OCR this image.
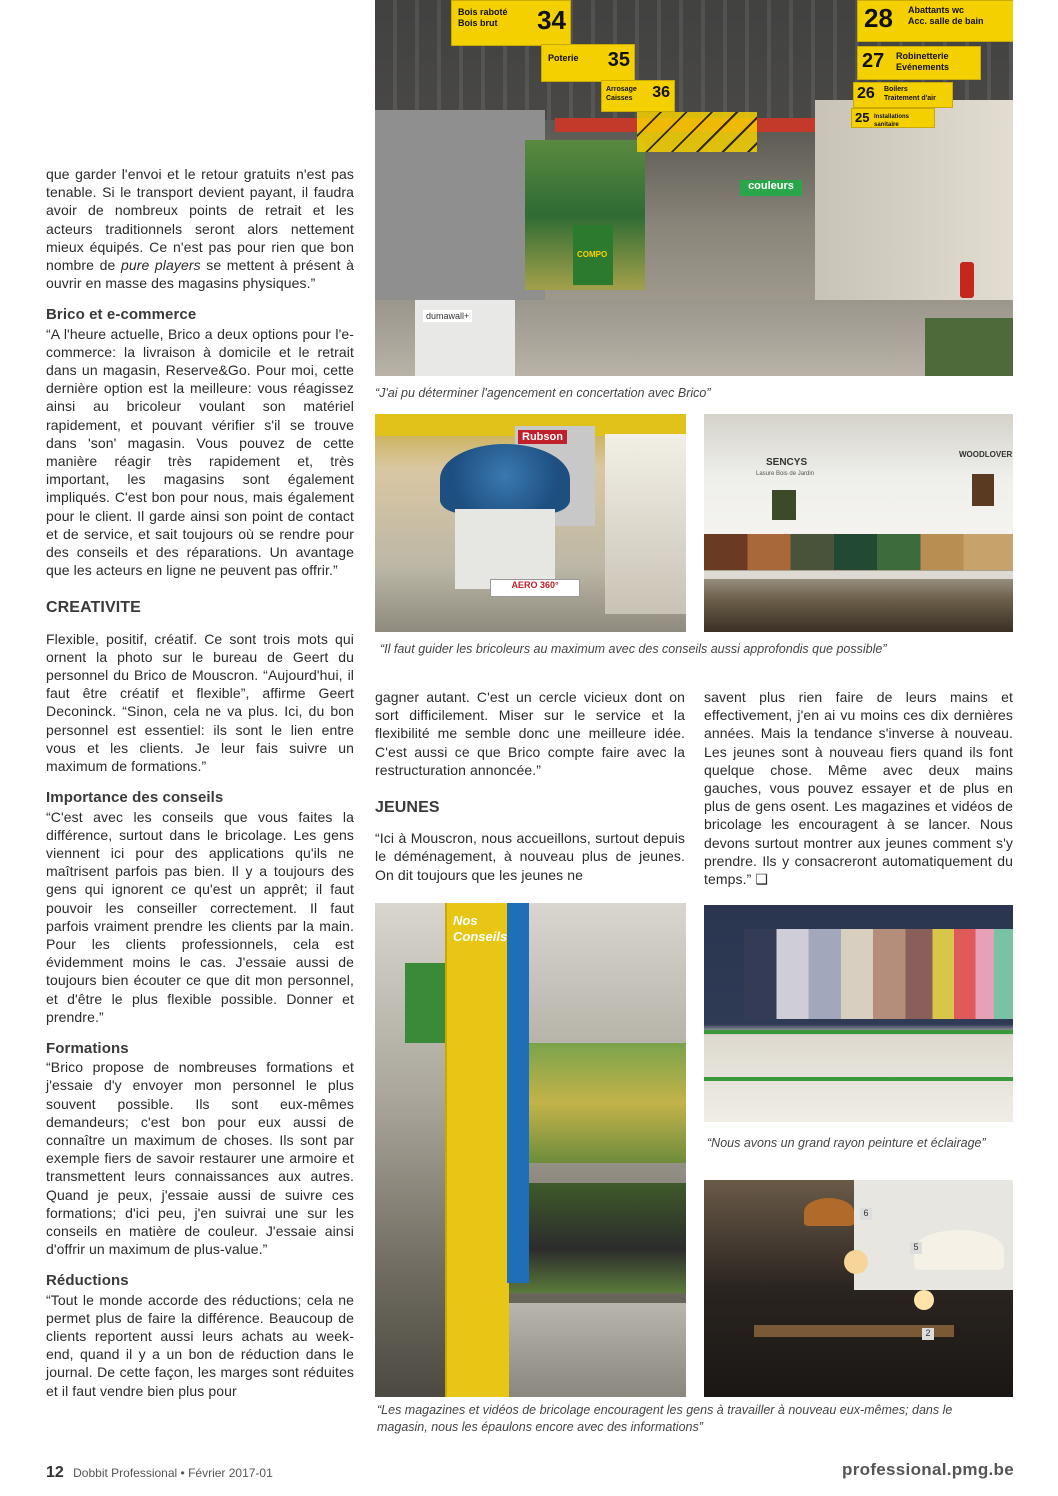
que garder l'envoi et le retour gratuits n'est pas tenable. Si le transport devient payant, il faudra avoir de nombreux points de retrait et les acteurs traditionnels seront alors nettement mieux équipés. Ce n'est pas pour rien que bon nombre de pure players se mettent à présent à ouvrir en masse des magasins physiques.”

Brico et e-commerce

“A l'heure actuelle, Brico a deux options pour l'e-commerce: la livraison à domicile et le retrait dans un magasin, Reserve&Go. Pour moi, cette dernière option est la meilleure: vous réagissez ainsi au bricoleur voulant son matériel rapidement, et pouvant vérifier s'il se trouve dans 'son' magasin. Vous pouvez de cette manière réagir très rapidement et, très important, les magasins sont également impliqués. C'est bon pour nous, mais également pour le client. Il garde ainsi son point de contact et de service, et sait toujours où se rendre pour des conseils et des réparations. Un avantage que les acteurs en ligne ne peuvent pas offrir.”

CREATIVITE

Flexible, positif, créatif. Ce sont trois mots qui ornent la photo sur le bureau de Geert du personnel du Brico de Mouscron. “Aujourd'hui, il faut être créatif et flexible”, affirme Geert Deconinck. “Sinon, cela ne va plus. Ici, du bon personnel est essentiel: ils sont le lien entre vous et les clients. Je leur fais suivre un maximum de formations.”

Importance des conseils

“C'est avec les conseils que vous faites la différence, surtout dans le bricolage. Les gens viennent ici pour des applications qu'ils ne maîtrisent parfois pas bien. Il y a toujours des gens qui ignorent ce qu'est un apprêt; il faut pouvoir les conseiller correctement. Il faut parfois vraiment prendre les clients par la main. Pour les clients professionnels, cela est évidemment moins le cas. J'essaie aussi de toujours bien écouter ce que dit mon personnel, et d'être le plus flexible possible. Donner et prendre.”

Formations

“Brico propose de nombreuses formations et j'essaie d'y envoyer mon personnel le plus souvent possible. Ils sont eux-mêmes demandeurs; c'est bon pour eux aussi de connaître un maximum de choses. Ils sont par exemple fiers de savoir restaurer une armoire et transmettent leurs connaissances aux autres. Quand je peux, j'essaie aussi de suivre ces formations; d'ici peu, j'en suivrai une sur les conseils en matière de couleur. J'essaie ainsi d'offrir un maximum de plus-value.”

Réductions

“Tout le monde accorde des réductions; cela ne permet plus de faire la différence. Beaucoup de clients reportent aussi leurs achats au week-end, quand il y a un bon de réduction dans le journal. De cette façon, les marges sont réduites et il faut vendre bien plus pour

dumawall+
COMPO
couleurs
Bois raboté
Bois brut	34
Poterie 35
Arrosage
Caisses 36
28 Abattants wc
Acc. salle de bain
27 Robinetterie
Evénements
26 Boilers
Traitement d'air
25 Installations sanitaire
“J'ai pu déterminer l'agencement en concertation avec Brico”
Rubson
AERO 360°
SENCYS
Lasure Bois de Jardin
WOODLOVER
“Il faut guider les bricoleurs au maximum avec des conseils aussi approfondis que possible”

gagner autant. C'est un cercle vicieux dont on sort difficilement. Miser sur le service et la flexibilité me semble donc une meilleure idée. C'est aussi ce que Brico compte faire avec la restructuration annoncée.”

JEUNES

“Ici à Mouscron, nous accueillons, surtout depuis le déménagement, à nouveau plus de jeunes. On dit toujours que les jeunes ne

savent plus rien faire de leurs mains et effectivement, j'en ai vu moins ces dix dernières années. Mais la tendance s'inverse à nouveau. Les jeunes sont à nouveau fiers quand ils font quelque chose. Même avec deux mains gauches, vous pouvez essayer et de plus en plus de gens osent. Les magazines et vidéos de bricolage les encouragent à se lancer. Nous devons surtout montrer aux jeunes comment s'y prendre. Ils y consacreront automatiquement du temps.” ❑

Nos
Conseils
“Nous avons un grand rayon peinture et éclairage”
6
5
2
“Les magazines et vidéos de bricolage encouragent les gens à travailler à nouveau eux-mêmes; dans le magasin, nous les épaulons encore avec des informations”
12 Dobbit Professional • Février 2017-01	professional.pmg.be
